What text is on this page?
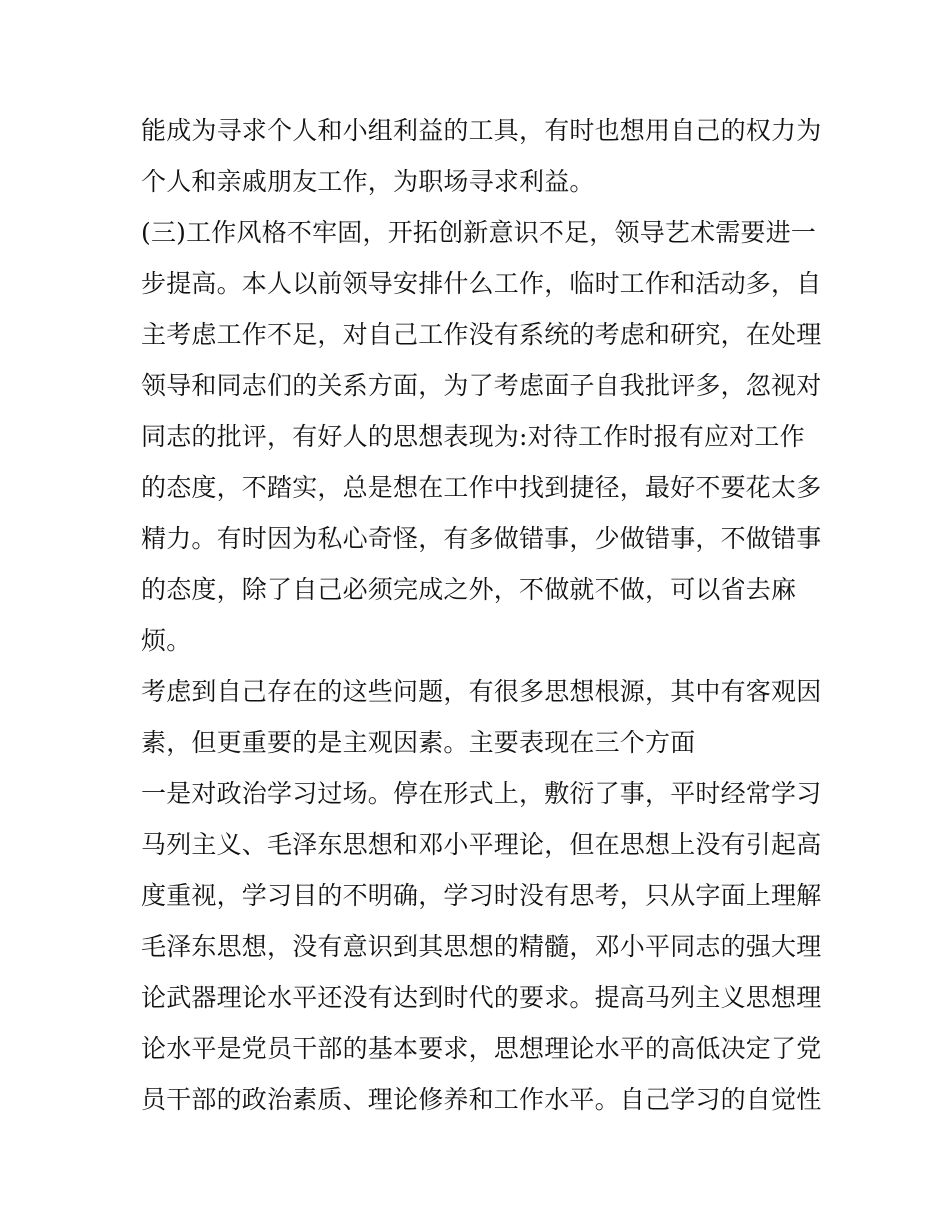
能成为寻求个人和小组利益的工具，有时也想用自己的权力为
个人和亲戚朋友工作，为职场寻求利益。
(三)工作风格不牢固，开拓创新意识不足，领导艺术需要进一
步提高。本人以前领导安排什么工作，临时工作和活动多，自
主考虑工作不足，对自己工作没有系统的考虑和研究，在处理
领导和同志们的关系方面，为了考虑面子自我批评多，忽视对
同志的批评，有好人的思想表现为:对待工作时报有应对工作
的态度，不踏实，总是想在工作中找到捷径，最好不要花太多
精力。有时因为私心奇怪，有多做错事，少做错事，不做错事
的态度，除了自己必须完成之外，不做就不做，可以省去麻
烦。
考虑到自己存在的这些问题，有很多思想根源，其中有客观因
素，但更重要的是主观因素。主要表现在三个方面
一是对政治学习过场。停在形式上，敷衍了事，平时经常学习
马列主义、毛泽东思想和邓小平理论，但在思想上没有引起高
度重视，学习目的不明确，学习时没有思考，只从字面上理解
毛泽东思想，没有意识到其思想的精髓，邓小平同志的强大理
论武器理论水平还没有达到时代的要求。提高马列主义思想理
论水平是党员干部的基本要求，思想理论水平的高低决定了党
员干部的政治素质、理论修养和工作水平。自己学习的自觉性
